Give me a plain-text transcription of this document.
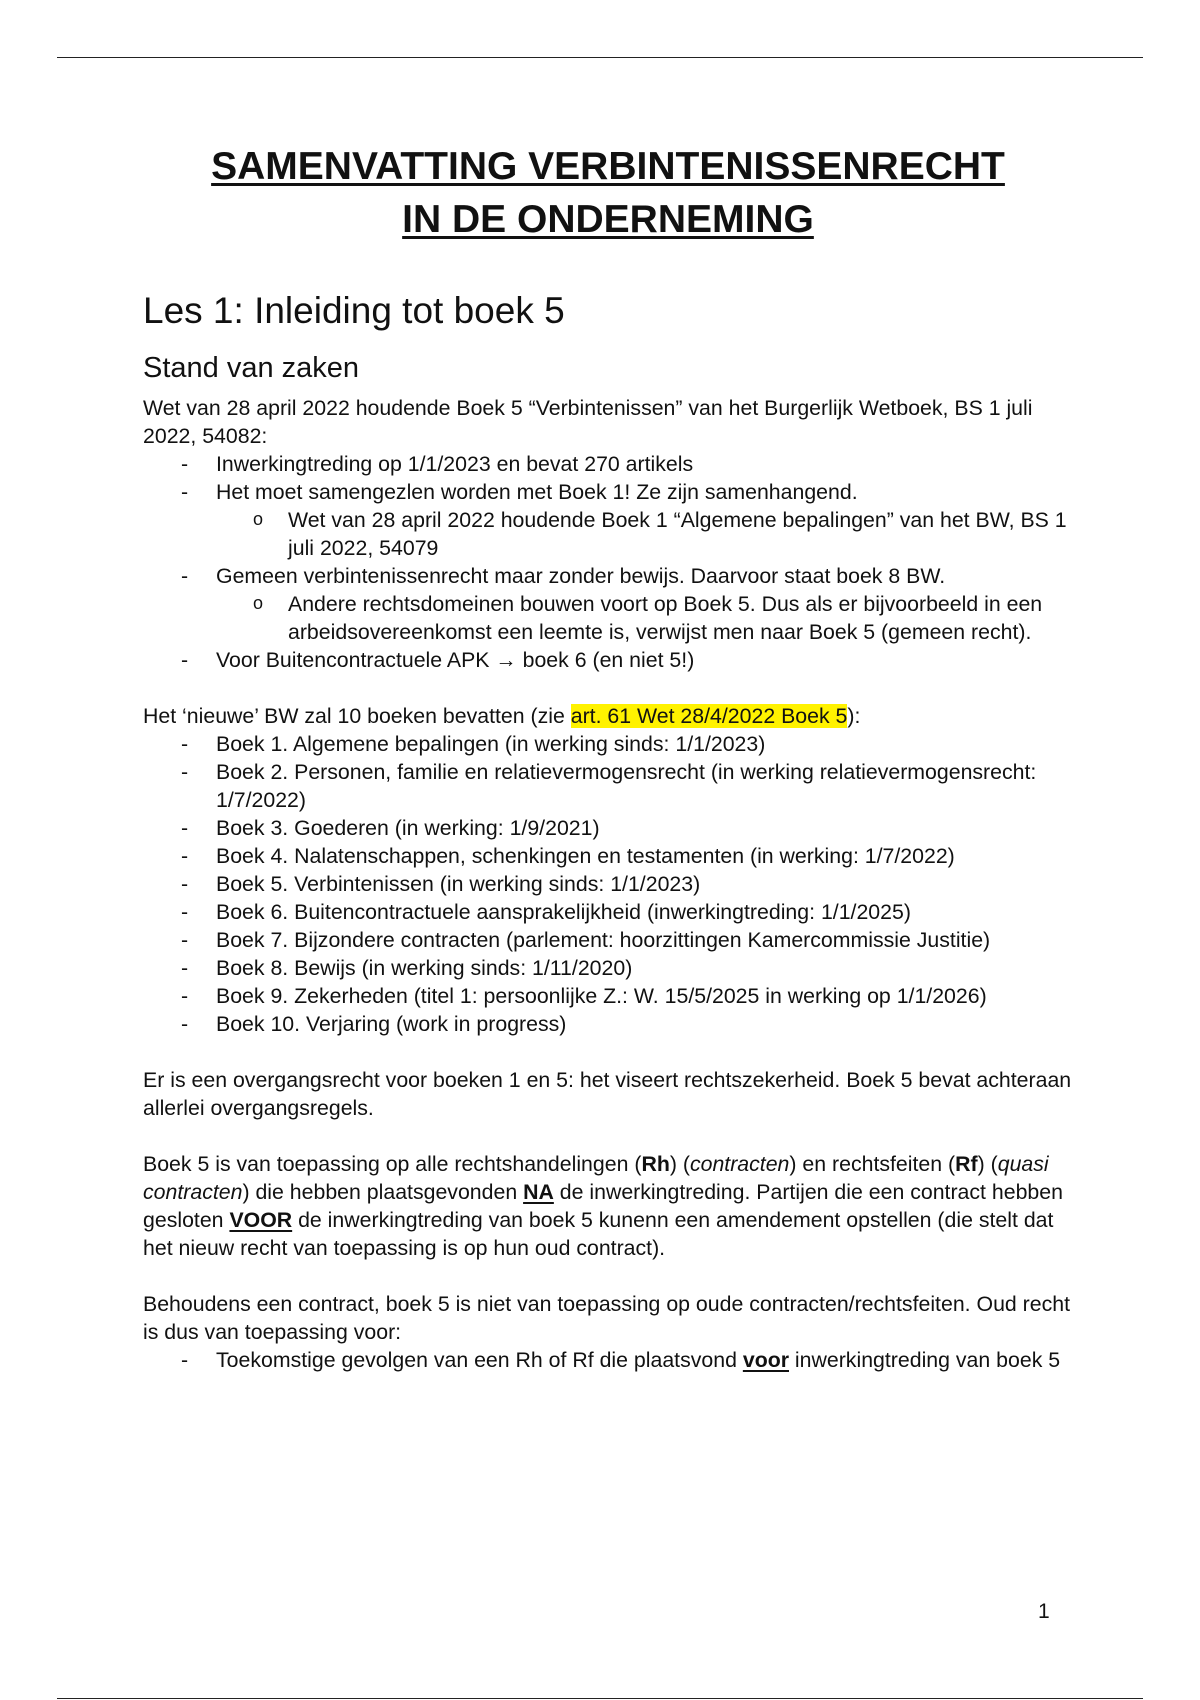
SAMENVATTING VERBINTENISSENRECHT
IN DE ONDERNEMING
Les 1: Inleiding tot boek 5
Stand van zaken

Wet van 28 april 2022 houdende Boek 5 “Verbintenissen” van het Burgerlijk Wetboek, BS 1 juli 2022, 54082:

- Inwerkingtreding op 1/1/2023 en bevat 270 artikels
- Het moet samengezlen worden met Boek 1! Ze zijn samenhangend.
o Wet van 28 april 2022 houdende Boek 1 “Algemene bepalingen” van het BW, BS 1 juli 2022, 54079
- Gemeen verbintenissenrecht maar zonder bewijs. Daarvoor staat boek 8 BW.
o Andere rechtsdomeinen bouwen voort op Boek 5. Dus als er bijvoorbeeld in een arbeidsovereenkomst een leemte is, verwijst men naar Boek 5 (gemeen recht).
- Voor Buitencontractuele APK → boek 6 (en niet 5!)

Het ‘nieuwe’ BW zal 10 boeken bevatten (zie art. 61 Wet 28/4/2022 Boek 5):

- Boek 1. Algemene bepalingen (in werking sinds: 1/1/2023)
- Boek 2. Personen, familie en relatievermogensrecht (in werking relatievermogensrecht: 1/7/2022)
- Boek 3. Goederen (in werking: 1/9/2021)
- Boek 4. Nalatenschappen, schenkingen en testamenten (in werking: 1/7/2022)
- Boek 5. Verbintenissen (in werking sinds: 1/1/2023)
- Boek 6. Buitencontractuele aansprakelijkheid (inwerkingtreding: 1/1/2025)
- Boek 7. Bijzondere contracten (parlement: hoorzittingen Kamercommissie Justitie)
- Boek 8. Bewijs (in werking sinds: 1/11/2020)
- Boek 9. Zekerheden (titel 1: persoonlijke Z.: W. 15/5/2025 in werking op 1/1/2026)
- Boek 10. Verjaring (work in progress)

Er is een overgangsrecht voor boeken 1 en 5: het viseert rechtszekerheid. Boek 5 bevat achteraan allerlei overgangsregels.

Boek 5 is van toepassing op alle rechtshandelingen (Rh) (contracten) en rechtsfeiten (Rf) (quasi contracten) die hebben plaatsgevonden NA de inwerkingtreding. Partijen die een contract hebben gesloten VOOR de inwerkingtreding van boek 5 kunenn een amendement opstellen (die stelt dat het nieuw recht van toepassing is op hun oud contract).

Behoudens een contract, boek 5 is niet van toepassing op oude contracten/rechtsfeiten. Oud recht is dus van toepassing voor:

- Toekomstige gevolgen van een Rh of Rf die plaatsvond voor inwerkingtreding van boek 5
1
